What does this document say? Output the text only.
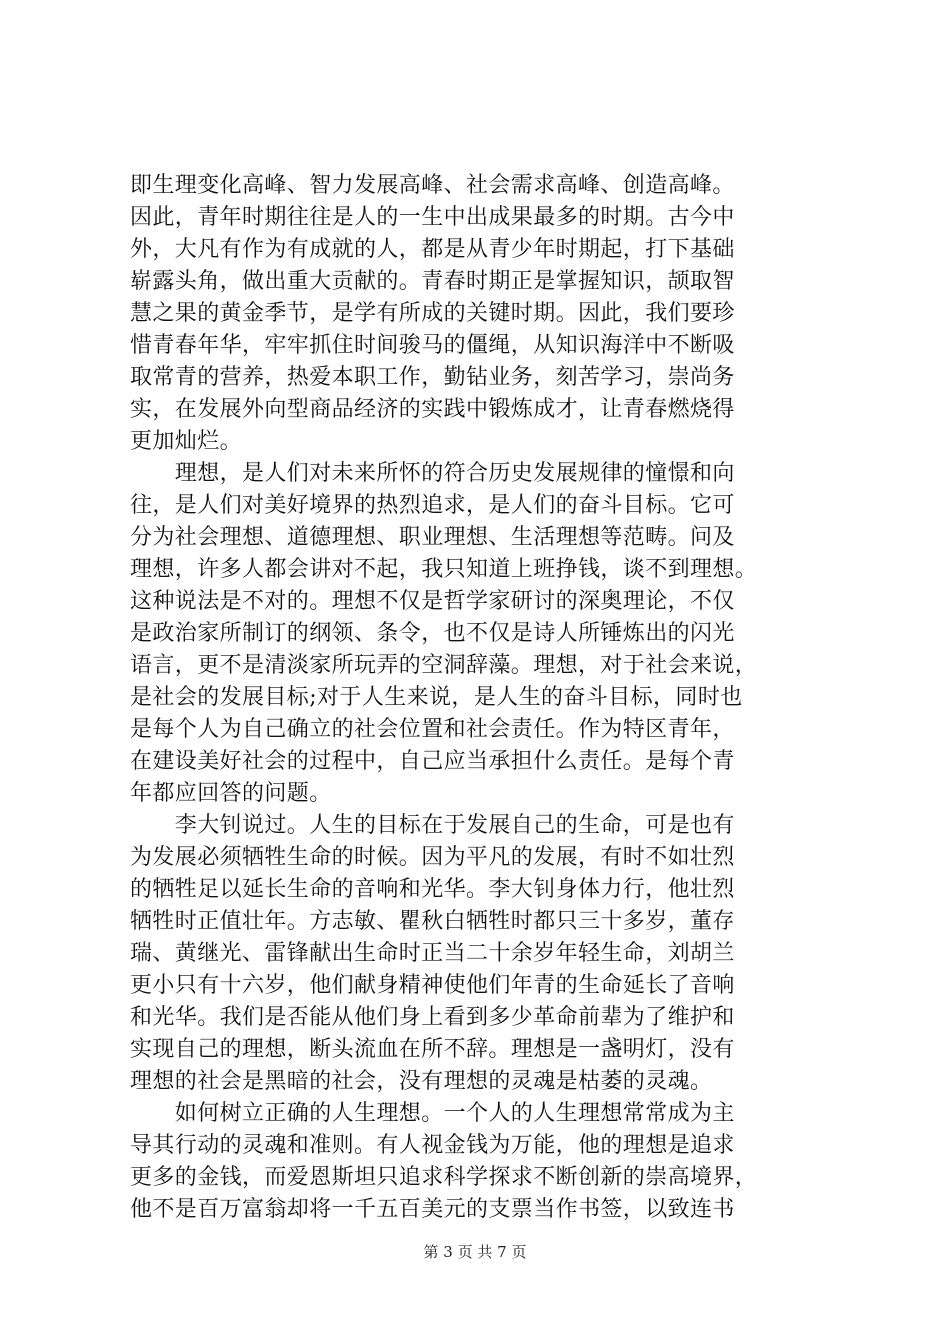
即生理变化高峰、智力发展高峰、社会需求高峰、创造高峰。
因此，青年时期往往是人的一生中出成果最多的时期。古今中
外，大凡有作为有成就的人，都是从青少年时期起，打下基础
崭露头角，做出重大贡献的。青春时期正是掌握知识，颉取智
慧之果的黄金季节，是学有所成的关键时期。因此，我们要珍
惜青春年华，牢牢抓住时间骏马的僵绳，从知识海洋中不断吸
取常青的营养，热爱本职工作，勤钻业务，刻苦学习，崇尚务
实，在发展外向型商品经济的实践中锻炼成才，让青春燃烧得
更加灿烂。
　　理想，是人们对未来所怀的符合历史发展规律的憧憬和向
往，是人们对美好境界的热烈追求，是人们的奋斗目标。它可
分为社会理想、道德理想、职业理想、生活理想等范畴。问及
理想，许多人都会讲对不起，我只知道上班挣钱，谈不到理想。
这种说法是不对的。理想不仅是哲学家研讨的深奥理论，不仅
是政治家所制订的纲领、条令，也不仅是诗人所锤炼出的闪光
语言，更不是清淡家所玩弄的空洞辞藻。理想，对于社会来说，
是社会的发展目标;对于人生来说，是人生的奋斗目标，同时也
是每个人为自己确立的社会位置和社会责任。作为特区青年，
在建设美好社会的过程中，自己应当承担什么责任。是每个青
年都应回答的问题。
　　李大钊说过。人生的目标在于发展自己的生命，可是也有
为发展必须牺牲生命的时候。因为平凡的发展，有时不如壮烈
的牺牲足以延长生命的音响和光华。李大钊身体力行，他壮烈
牺牲时正值壮年。方志敏、瞿秋白牺牲时都只三十多岁，董存
瑞、黄继光、雷锋献出生命时正当二十余岁年轻生命，刘胡兰
更小只有十六岁，他们献身精神使他们年青的生命延长了音响
和光华。我们是否能从他们身上看到多少革命前辈为了维护和
实现自己的理想，断头流血在所不辞。理想是一盏明灯，没有
理想的社会是黑暗的社会，没有理想的灵魂是枯萎的灵魂。
　　如何树立正确的人生理想。一个人的人生理想常常成为主
导其行动的灵魂和准则。有人视金钱为万能，他的理想是追求
更多的金钱，而爱恩斯坦只追求科学探求不断创新的崇高境界，
他不是百万富翁却将一千五百美元的支票当作书签，以致连书
第 3 页 共 7 页
